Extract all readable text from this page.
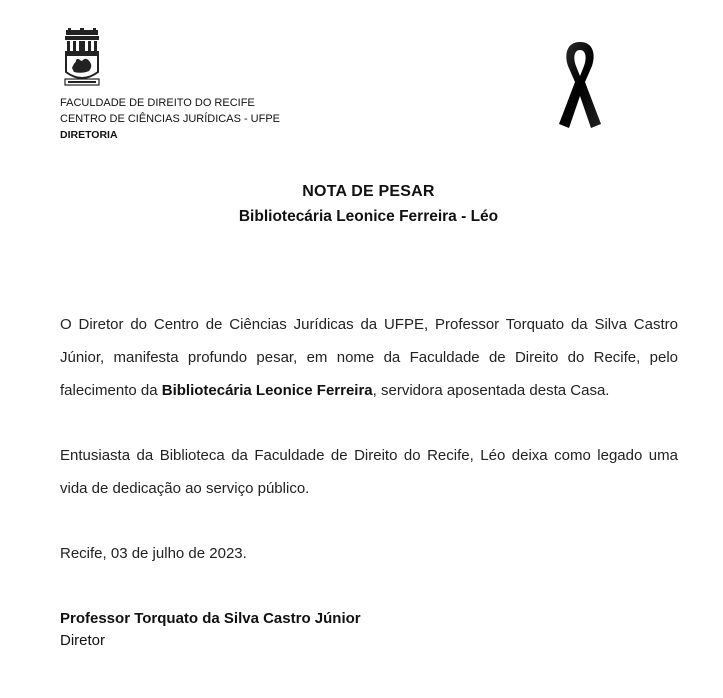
FACULDADE DE DIREITO DO RECIFE
CENTRO DE CIÊNCIAS JURÍDICAS - UFPE
DIRETORIA
NOTA DE PESAR
Bibliotecária Leonice Ferreira - Léo
O Diretor do Centro de Ciências Jurídicas da UFPE, Professor Torquato da Silva Castro Júnior, manifesta profundo pesar, em nome da Faculdade de Direito do Recife, pelo falecimento da Bibliotecária Leonice Ferreira, servidora aposentada desta Casa.
Entusiasta da Biblioteca da Faculdade de Direito do Recife, Léo deixa como legado uma vida de dedicação ao serviço público.
Recife, 03 de julho de 2023.
Professor Torquato da Silva Castro Júnior
Diretor
